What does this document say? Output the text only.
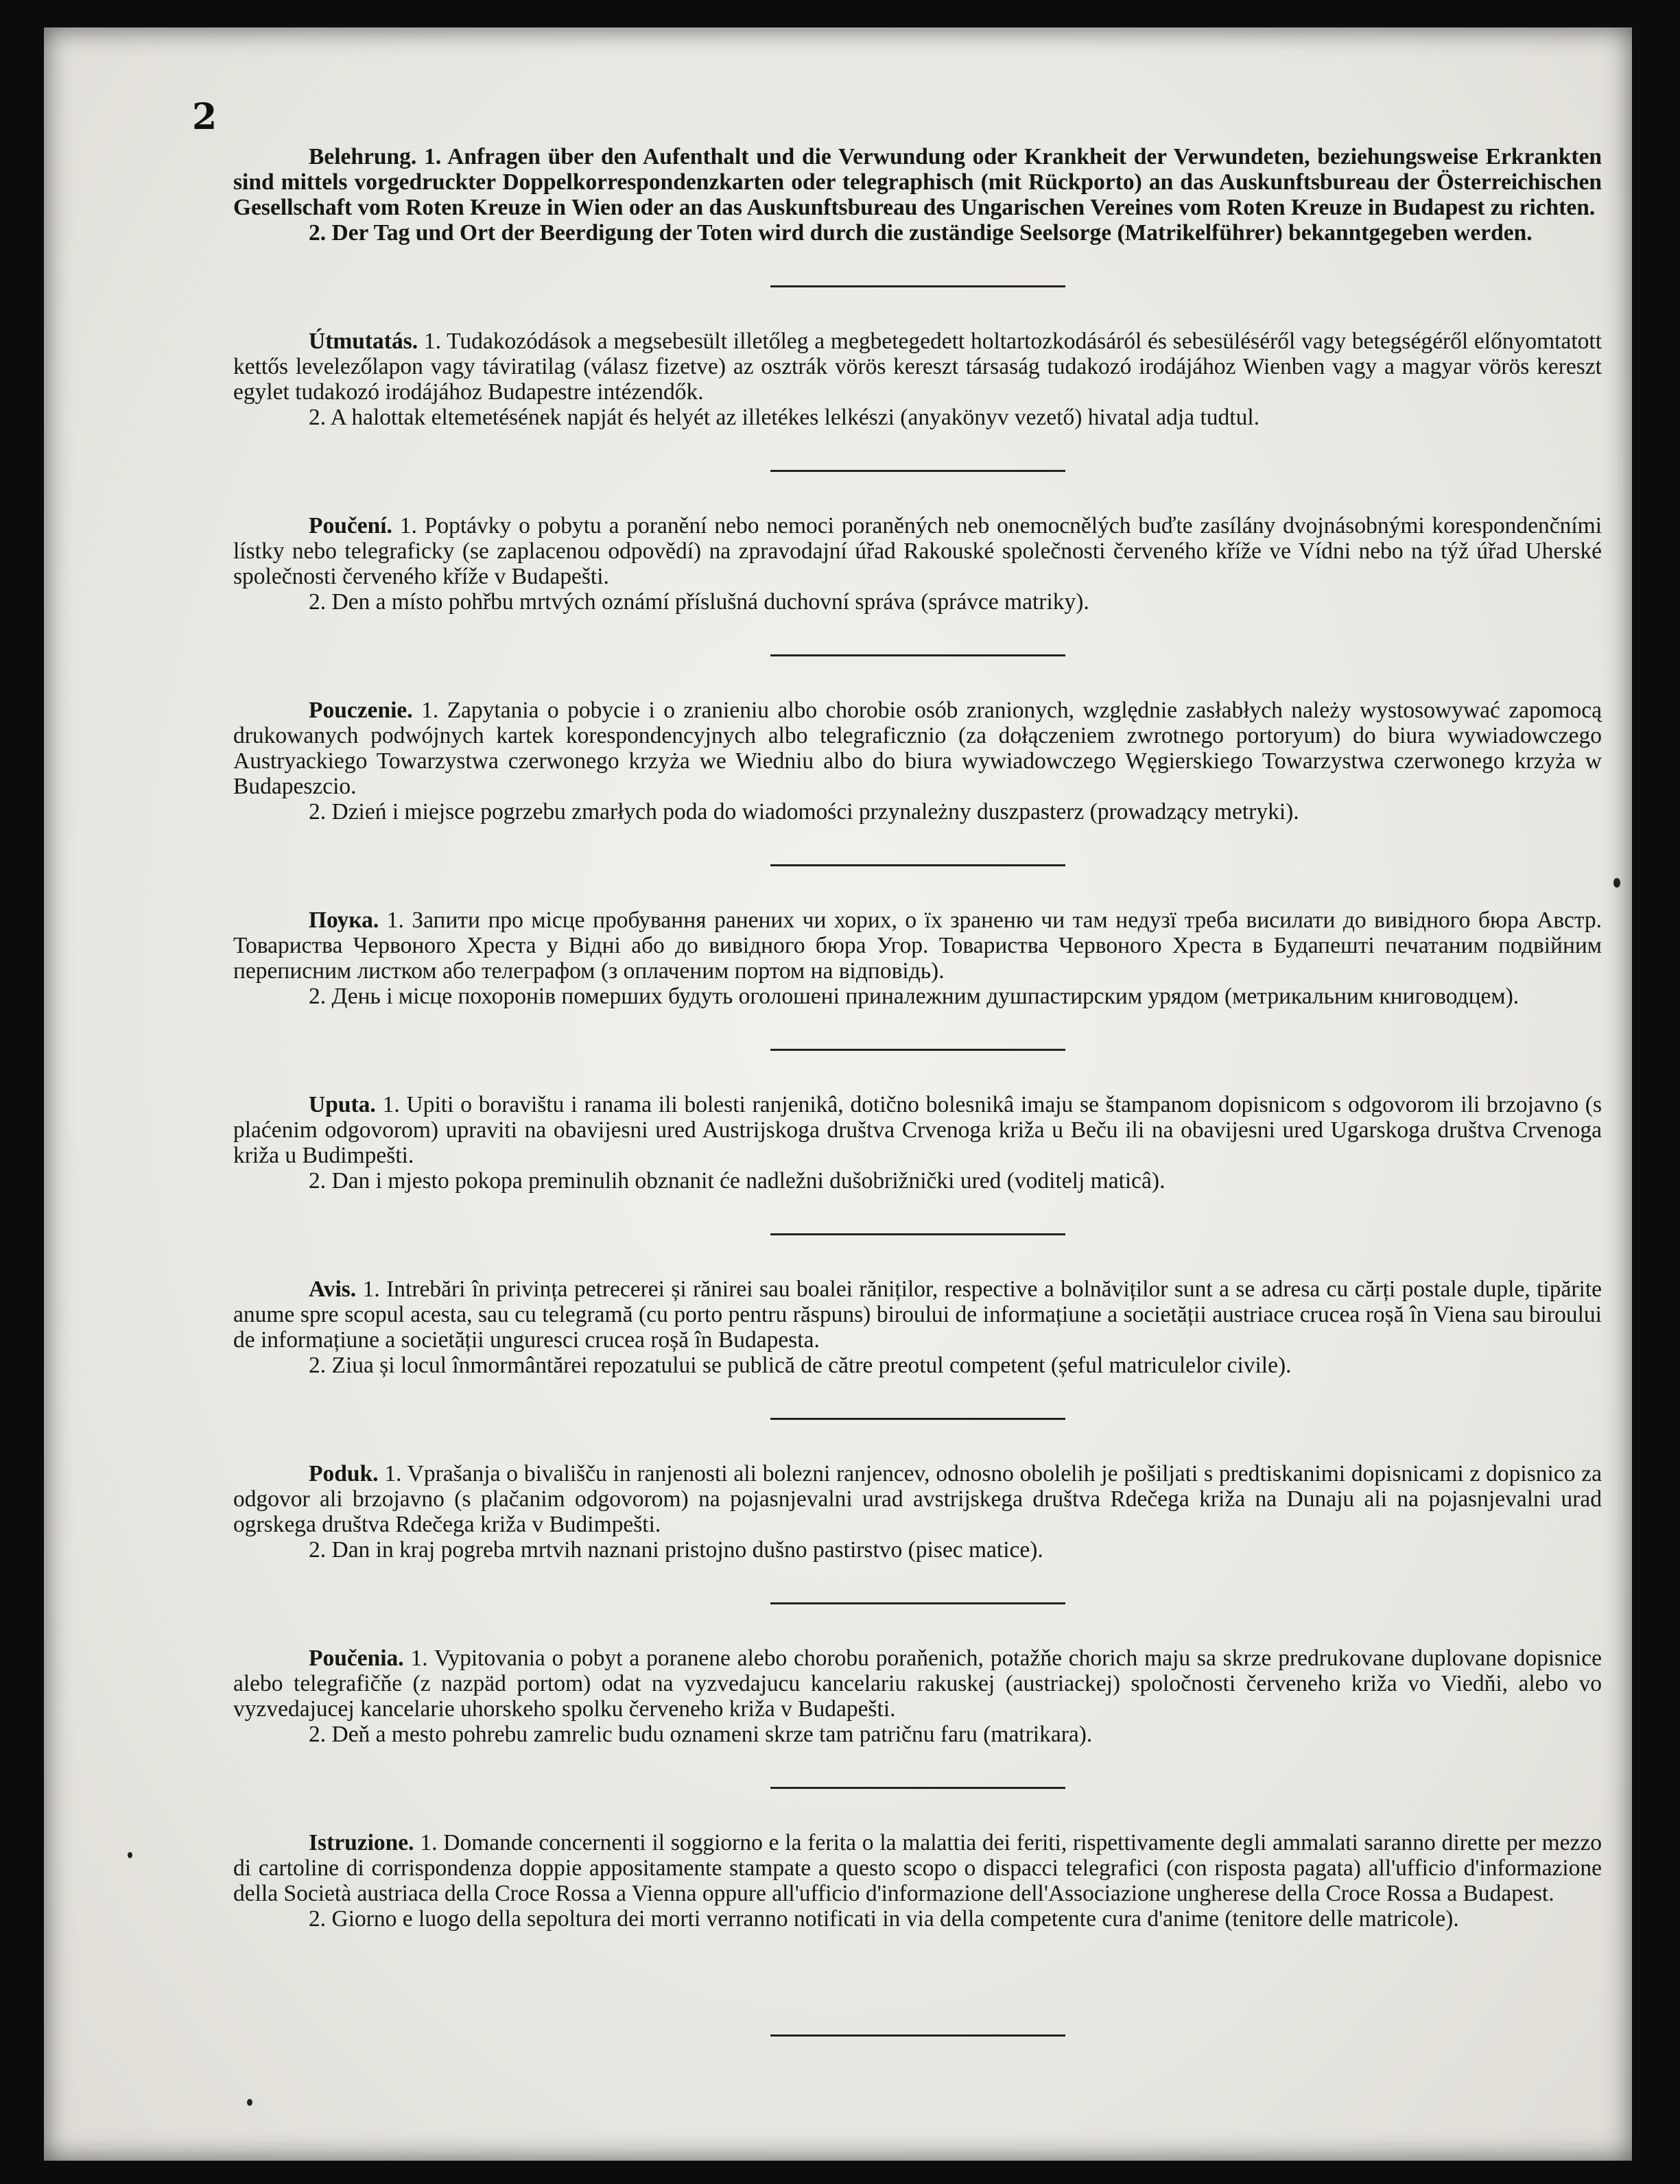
2

Belehrung. 1. Anfragen über den Aufenthalt und die Verwundung oder Krankheit der Verwundeten, beziehungsweise Erkrankten sind mittels vorgedruckter Doppelkorrespondenzkarten oder telegraphisch (mit Rückporto) an das Auskunftsbureau der Österreichischen Gesellschaft vom Roten Kreuze in Wien oder an das Auskunftsbureau des Ungarischen Vereines vom Roten Kreuze in Budapest zu richten.

2. Der Tag und Ort der Beerdigung der Toten wird durch die zuständige Seelsorge (Matrikelführer) bekanntgegeben werden.

Útmutatás. 1. Tudakozódások a megsebesült illetőleg a megbetegedett holtartozkodásáról és sebesüléséről vagy betegségéről előnyomtatott kettős levelezőlapon vagy táviratilag (válasz fizetve) az osztrák vörös kereszt társaság tudakozó irodájához Wienben vagy a magyar vörös kereszt egylet tudakozó irodájához Budapestre intézendők.

2. A halottak eltemetésének napját és helyét az illetékes lelkészi (anyakönyv vezető) hivatal adja tudtul.

Poučení. 1. Poptávky o pobytu a poranění nebo nemoci poraněných neb onemocnělých buďte zasílány dvojnásobnými korespondenčními lístky nebo telegraficky (se zaplacenou odpovědí) na zpravodajní úřad Rakouské společnosti červeného kříže ve Vídni nebo na týž úřad Uherské společnosti červeného kříže v Budapešti.

2. Den a místo pohřbu mrtvých oznámí příslušná duchovní správa (správce matriky).

Pouczenie. 1. Zapytania o pobycie i o zranieniu albo chorobie osób zranionych, względnie zasłabłych należy wystosowywać zapomocą drukowanych podwójnych kartek korespondencyjnych albo telegraficznio (za dołączeniem zwrotnego portoryum) do biura wywiadowczego Austryackiego Towarzystwa czerwonego krzyża we Wiedniu albo do biura wywiadowczego Węgierskiego Towarzystwa czerwonego krzyża w Budapeszcio.

2. Dzień i miejsce pogrzebu zmarłych poda do wiadomości przynależny duszpasterz (prowadzący metryki).

Поука. 1. Запити про місце пробування ранених чи хорих, о їх зраненю чи там недузї треба висилати до вивідного бюра Австр. Товариства Червоного Хреста у Відні або до вивідного бюра Угор. Товариства Червоного Хреста в Будапешті печатаним подвійним переписним листком або телеграфом (з оплаченим портом на відповідь).

2. День і місце похоронів померших будуть оголошені приналежним душпастирским урядом (метрикальним книговодцем).

Uputa. 1. Upiti o boravištu i ranama ili bolesti ranjenikâ, dotično bolesnikâ imaju se štampanom dopisnicom s odgovorom ili brzojavno (s plaćenim odgovorom) upraviti na obavijesni ured Austrijskoga društva Crvenoga križa u Beču ili na obavijesni ured Ugarskoga društva Crvenoga križa u Budimpešti.

2. Dan i mjesto pokopa preminulih obznanit će nadležni dušobrižnički ured (voditelj maticâ).

Avis. 1. Intrebări în privința petrecerei și rănirei sau boalei răniților, respective a bolnăviților sunt a se adresa cu cărți postale duple, tipărite anume spre scopul acesta, sau cu telegramă (cu porto pentru răspuns) biroului de informațiune a societății austriace crucea roșă în Viena sau biroului de informațiune a societății ungurescі crucea roșă în Budapesta.

2. Ziua și locul înmormântărei repozatului se publică de către preotul competent (șeful matriculelor civile).

Poduk. 1. Vprašanja o bivališču in ranjenosti ali bolezni ranjencev, odnosno obolelih je pošiljati s predtiskanimi dopisnicami z dopisnico za odgovor ali brzojavno (s plačanim odgovorom) na pojasnjevalni urad avstrijskega društva Rdečega križa na Dunaju ali na pojasnjevalni urad ogrskega društva Rdečega križa v Budimpešti.

2. Dan in kraj pogreba mrtvih naznani pristojno dušno pastirstvo (pisec matice).

Poučenia. 1. Vypitovania o pobyt a poranene alebo chorobu poraňenich, potažňe chorich maju sa skrze predrukovane duplovane dopisnice alebo telegrafičňe (z nazpäd portom) odat na vyzvedajucu kancelariu rakuskej (austriackej) spoločnosti červeneho križa vo Viedňi, alebo vo vyzvedajucej kancelarie uhorskeho spolku červeneho križa v Budapešti.

2. Deň a mesto pohrebu zamrelic budu oznameni skrze tam patričnu faru (matrikara).

Istruzione. 1. Domande concernenti il soggiorno e la ferita o la malattia dei feriti, rispettivamente degli ammalati saranno dirette per mezzo di cartoline di corrispondenza doppie appositamente stampate a questo scopo o dispacci telegrafici (con risposta pagata) all'ufficio d'informazione della Società austriaca della Croce Rossa a Vienna oppure all'ufficio d'informazione dell'Associazione ungherese della Croce Rossa a Budapest.

2. Giorno e luogo della sepoltura dei morti verranno notificati in via della competente cura d'anime (tenitore delle matricole).
